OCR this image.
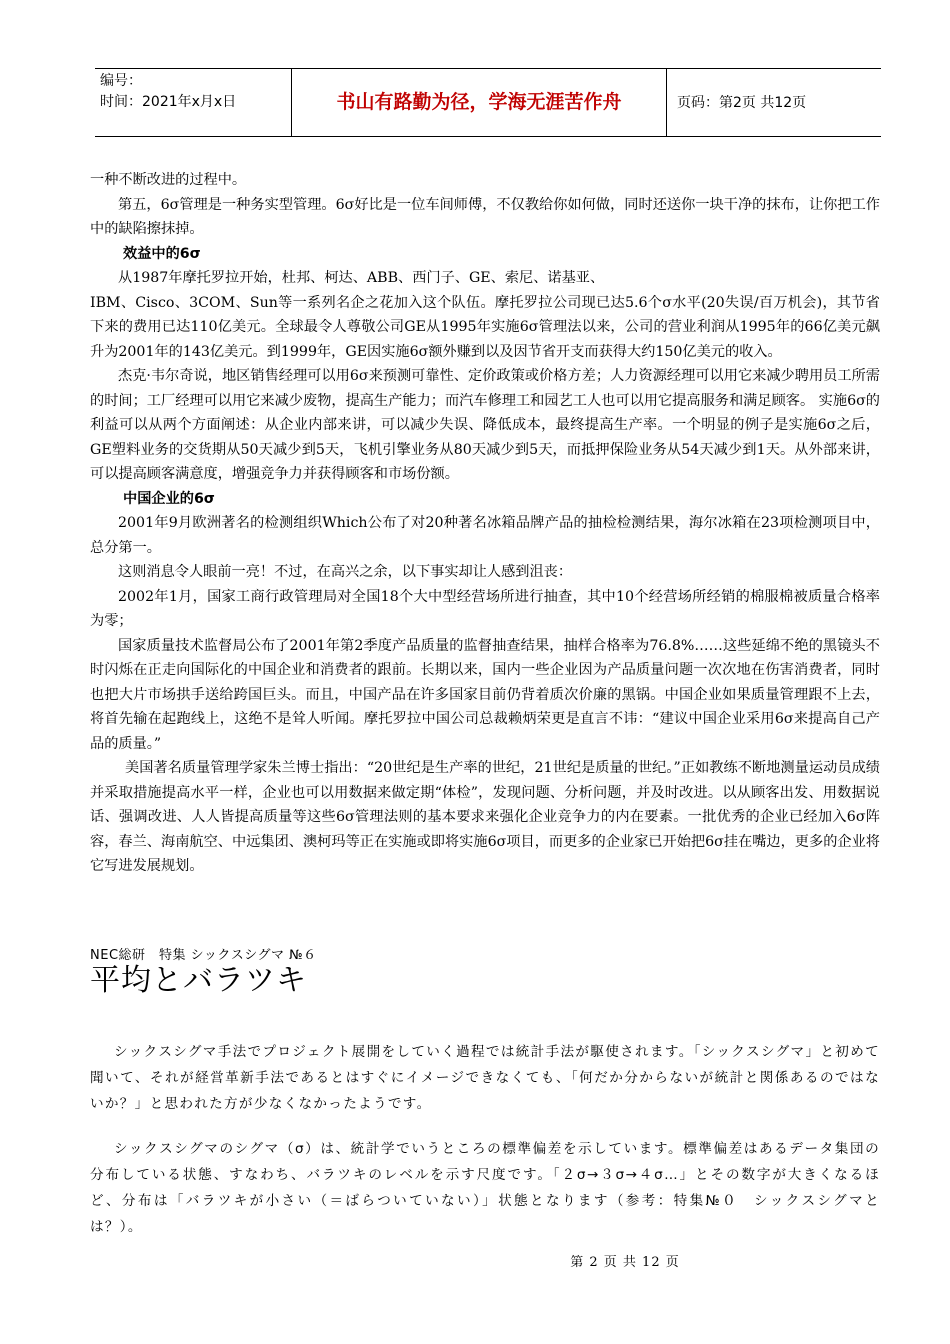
编号：
时间：2021年x月x日	书山有路勤为径，学海无涯苦作舟	页码：第2页 共12页

一种不断改进的过程中。

第五，6σ管理是一种务实型管理。6σ好比是一位车间师傅，不仅教给你如何做，同时还送你一块干净的抹布，让你把工作中的缺陷擦抹掉。

效益中的6σ

从1987年摩托罗拉开始，杜邦、柯达、ABB、西门子、GE、索尼、诺基亚、

IBM、Cisco、3COM、Sun等一系列名企之花加入这个队伍。摩托罗拉公司现已达5.6个σ水平(20失误/百万机会)，其节省下来的费用已达110亿美元。全球最令人尊敬公司GE从1995年实施6σ管理法以来，公司的营业利润从1995年的66亿美元飙升为2001年的143亿美元。到1999年，GE因实施6σ额外赚到以及因节省开支而获得大约150亿美元的收入。

杰克·韦尔奇说，地区销售经理可以用6σ来预测可靠性、定价政策或价格方差；人力资源经理可以用它来减少聘用员工所需的时间；工厂经理可以用它来减少废物，提高生产能力；而汽车修理工和园艺工人也可以用它提高服务和满足顾客。 实施6σ的利益可以从两个方面阐述：从企业内部来讲，可以减少失误、降低成本，最终提高生产率。一个明显的例子是实施6σ之后，GE塑料业务的交货期从50天减少到5天，飞机引擎业务从80天减少到5天，而抵押保险业务从54天减少到1天。从外部来讲，可以提高顾客满意度，增强竞争力并获得顾客和市场份额。

中国企业的6σ

2001年9月欧洲著名的检测组织Which公布了对20种著名冰箱品牌产品的抽检检测结果，海尔冰箱在23项检测项目中，总分第一。

这则消息令人眼前一亮！不过，在高兴之余，以下事实却让人感到沮丧：

2002年1月，国家工商行政管理局对全国18个大中型经营场所进行抽查，其中10个经营场所经销的棉服棉被质量合格率为零；

国家质量技术监督局公布了2001年第2季度产品质量的监督抽查结果，抽样合格率为76.8%……这些延绵不绝的黑镜头不时闪烁在正走向国际化的中国企业和消费者的跟前。长期以来，国内一些企业因为产品质量问题一次次地在伤害消费者，同时也把大片市场拱手送给跨国巨头。而且，中国产品在许多国家目前仍背着质次价廉的黑锅。中国企业如果质量管理跟不上去，将首先输在起跑线上，这绝不是耸人听闻。摩托罗拉中国公司总裁赖炳荣更是直言不讳：“建议中国企业采用6σ来提高自己产品的质量。”

美国著名质量管理学家朱兰博士指出：“20世纪是生产率的世纪，21世纪是质量的世纪。”正如教练不断地测量运动员成绩并采取措施提高水平一样，企业也可以用数据来做定期“体检”，发现问题、分析问题，并及时改进。以从顾客出发、用数据说话、强调改进、人人皆提高质量等这些6σ管理法则的基本要求来强化企业竞争力的内在要素。一批优秀的企业已经加入6σ阵容，春兰、海南航空、中远集团、澳柯玛等正在实施或即将实施6σ项目，而更多的企业家已开始把6σ挂在嘴边，更多的企业将它写进发展规划。

NEC総研　特集 シックスシグマ №６
平均とバラツキ

シックスシグマ手法でプロジェクト展開をしていく過程では統計手法が駆使されます。「シックスシグマ」と初めて聞いて、それが経営革新手法であるとはすぐにイメージできなくても、「何だか分からないが統計と関係あるのではないか？」と思われた方が少なくなかったようです。

シックスシグマのシグマ（σ）は、統計学でいうところの標準偏差を示しています。標準偏差はあるデータ集団の分布している状態、すなわち、バラツキのレベルを示す尺度です。「２σ→３σ→４σ…」とその数字が大きくなるほど、分布は「バラツキが小さい（＝ばらついていない）」状態となります（参考：特集№０　シックスシグマとは？）。

第 2 页 共 12 页
